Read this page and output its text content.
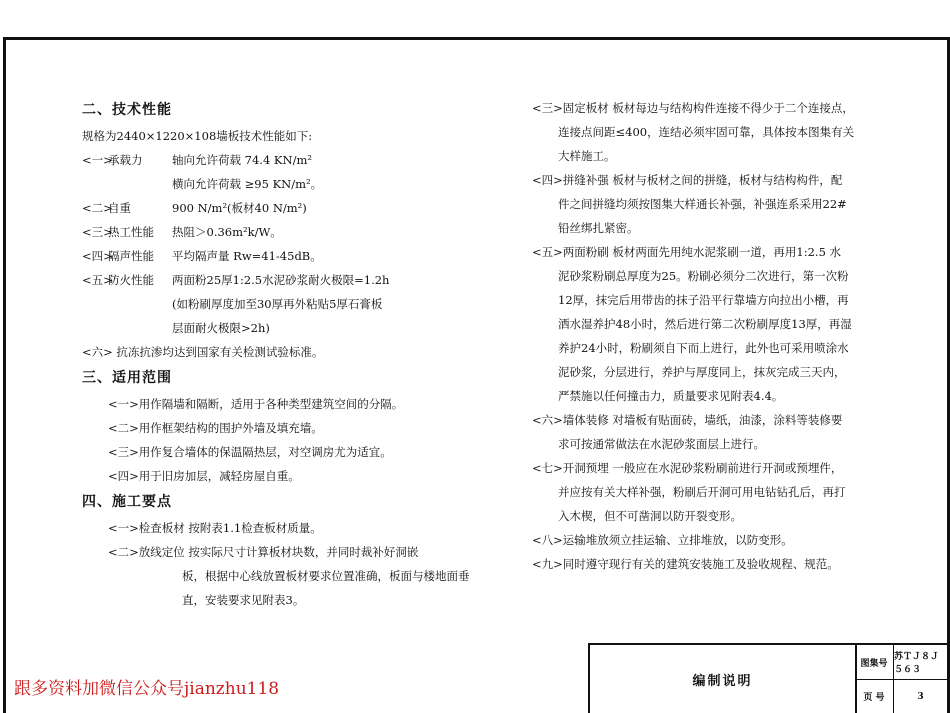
二、技术性能
规格为2440×1220×108墙板技术性能如下:
<一>
承载力	轴向允许荷载 74.4 KN/m²
横向允许荷载 ≥95 KN/m²。
<二>
自重	900 N/m²(板材40 N/m²)
<三>
热工性能	热阻＞0.36m²k/W。
<四>
隔声性能	平均隔声量 Rw=41-45dB。
<五>
防火性能	两面粉25厚1:2.5水泥砂浆耐火极限=1.2h
(如粉刷厚度加至30厚再外粘贴5厚石膏板
层面耐火极限>2h)
<六> 抗冻抗渗均达到国家有关检测试验标准。
三、适用范围
<一>用作隔墙和隔断，适用于各种类型建筑空间的分隔。
<二>用作框架结构的围护外墙及填充墙。
<三>用作复合墙体的保温隔热层，对空调房尤为适宜。
<四>用于旧房加层，减轻房屋自重。
四、施工要点
<一>检查板材 按附表1.1检查板材质量。
<二>放线定位 按实际尺寸计算板材块数，并同时裁补好洞嵌
板，根据中心线放置板材要求位置准确，板面与楼地面垂
直，安装要求见附表3。
<三>固定板材 板材每边与结构构件连接不得少于二个连接点，
连接点间距≤400，连结必须牢固可靠，具体按本图集有关
大样施工。
<四>拼缝补强 板材与板材之间的拼缝，板材与结构构件，配
件之间拼缝均须按图集大样通长补强，补强连系采用22#
铅丝绑扎紧密。
<五>两面粉刷 板材两面先用纯水泥浆刷一道，再用1:2.5 水
泥砂浆粉刷总厚度为25。粉刷必须分二次进行，第一次粉
12厚，抹完后用带齿的抹子沿平行靠墙方向拉出小槽，再
洒水湿养护48小时，然后进行第二次粉刷厚度13厚，再湿
养护24小时，粉刷须自下而上进行，此外也可采用喷涂水
泥砂浆，分层进行，养护与厚度同上，抹灰完成三天内，
严禁施以任何撞击力，质量要求见附表4.4。
<六>墙体装修 对墙板有贴面砖，墙纸，油漆，涂料等装修要
求可按通常做法在水泥砂浆面层上进行。
<七>开洞预埋 一般应在水泥砂浆粉刷前进行开洞或预埋件，
并应按有关大样补强，粉刷后开洞可用电钻钻孔后，再打
入木楔，但不可凿洞以防开裂变形。
<八>运输堆放须立挂运输、立排堆放，以防变形。
<九>同时遵守现行有关的建筑安装施工及验收规程、规范。
编制说明
图集号
苏ＴＪ８Ｊ５６３
页 号	3
跟多资料加微信公众号jianzhu118
